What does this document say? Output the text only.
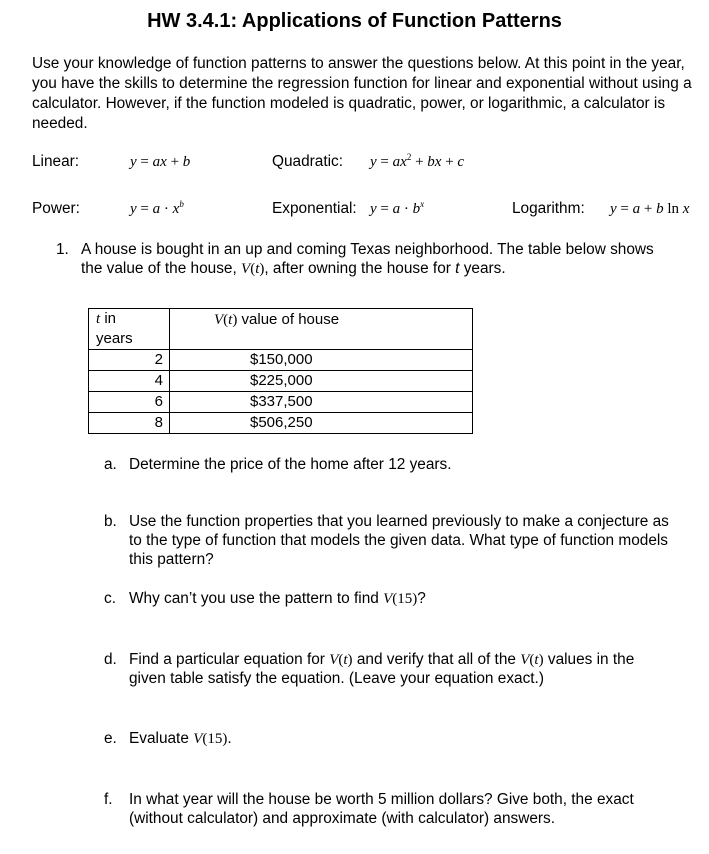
HW 3.4.1: Applications of Function Patterns
Use your knowledge of function patterns to answer the questions below. At this point in the year, you have the skills to determine the regression function for linear and exponential without using a calculator. However, if the function modeled is quadratic, power, or logarithmic, a calculator is needed.
Linear:	y = ax + b	Quadratic: $y = ax^2$ + bx + c
Power:	$y = a \cdot x^b$	Exponential: $y = a \cdot b^x$	Logarithm: y = a + b ln x
1. A house is bought in an up and coming Texas neighborhood. The table below shows
the value of the house, V(t), after owning the house for t years.
t in
years	V(t) value of house
2	$150,000
4	$225,000
6	$337,500
8	$506,250
a. Determine the price of the home after 12 years.
b. Use the function properties that you learned previously to make a conjecture as
to the type of function that models the given data. What type of function models
this pattern?
c. Why can’t you use the pattern to find V(15)?
d. Find a particular equation for V(t) and verify that all of the V(t) values in the
given table satisfy the equation. (Leave your equation exact.)
e. Evaluate V(15).
f. In what year will the house be worth 5 million dollars? Give both, the exact
(without calculator) and approximate (with calculator) answers.
